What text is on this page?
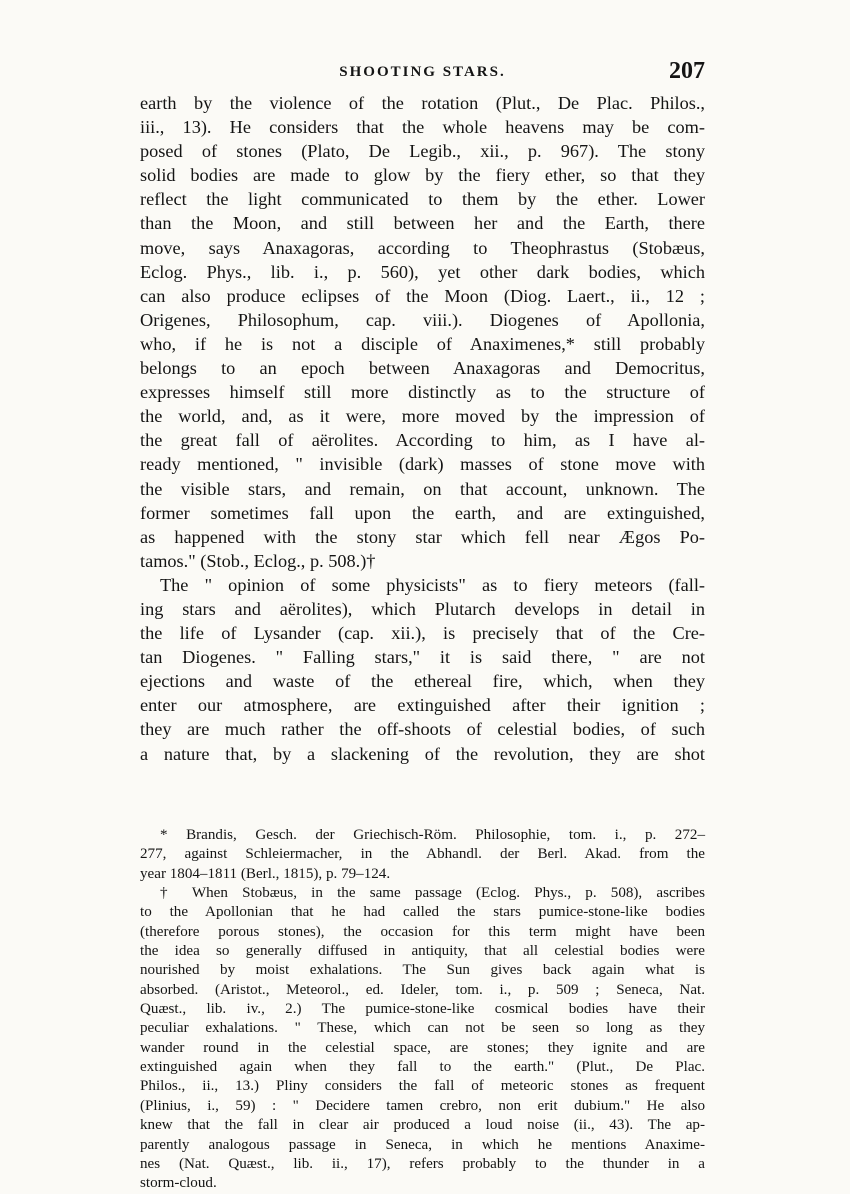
SHOOTING STARS.	207
earth by the violence of the rotation (Plut., De Plac. Philos.,
iii., 13). He considers that the whole heavens may be com-
posed of stones (Plato, De Legib., xii., p. 967). The stony
solid bodies are made to glow by the fiery ether, so that they
reflect the light communicated to them by the ether. Lower
than the Moon, and still between her and the Earth, there
move, says Anaxagoras, according to Theophrastus (Stobæus,
Eclog. Phys., lib. i., p. 560), yet other dark bodies, which
can also produce eclipses of the Moon (Diog. Laert., ii., 12 ;
Origenes, Philosophum, cap. viii.). Diogenes of Apollonia,
who, if he is not a disciple of Anaximenes,* still probably
belongs to an epoch between Anaxagoras and Democritus,
expresses himself still more distinctly as to the structure of
the world, and, as it were, more moved by the impression of
the great fall of aërolites. According to him, as I have al-
ready mentioned, " invisible (dark) masses of stone move with
the visible stars, and remain, on that account, unknown. The
former sometimes fall upon the earth, and are extinguished,
as happened with the stony star which fell near Ægos Po-
tamos." (Stob., Eclog., p. 508.)†
The " opinion of some physicists" as to fiery meteors (fall-
ing stars and aërolites), which Plutarch develops in detail in
the life of Lysander (cap. xii.), is precisely that of the Cre-
tan Diogenes. " Falling stars," it is said there, " are not
ejections and waste of the ethereal fire, which, when they
enter our atmosphere, are extinguished after their ignition ;
they are much rather the off-shoots of celestial bodies, of such
a nature that, by a slackening of the revolution, they are shot
* Brandis, Gesch. der Griechisch-Röm. Philosophie, tom. i., p. 272–
277, against Schleiermacher, in the Abhandl. der Berl. Akad. from the
year 1804–1811 (Berl., 1815), p. 79–124.
† When Stobæus, in the same passage (Eclog. Phys., p. 508), ascribes
to the Apollonian that he had called the stars pumice-stone-like bodies
(therefore porous stones), the occasion for this term might have been
the idea so generally diffused in antiquity, that all celestial bodies were
nourished by moist exhalations. The Sun gives back again what is
absorbed. (Aristot., Meteorol., ed. Ideler, tom. i., p. 509 ; Seneca, Nat.
Quæst., lib. iv., 2.) The pumice-stone-like cosmical bodies have their
peculiar exhalations. " These, which can not be seen so long as they
wander round in the celestial space, are stones; they ignite and are
extinguished again when they fall to the earth." (Plut., De Plac.
Philos., ii., 13.) Pliny considers the fall of meteoric stones as frequent
(Plinius, i., 59) : " Decidere tamen crebro, non erit dubium." He also
knew that the fall in clear air produced a loud noise (ii., 43). The ap-
parently analogous passage in Seneca, in which he mentions Anaxime-
nes (Nat. Quæst., lib. ii., 17), refers probably to the thunder in a
storm-cloud.
